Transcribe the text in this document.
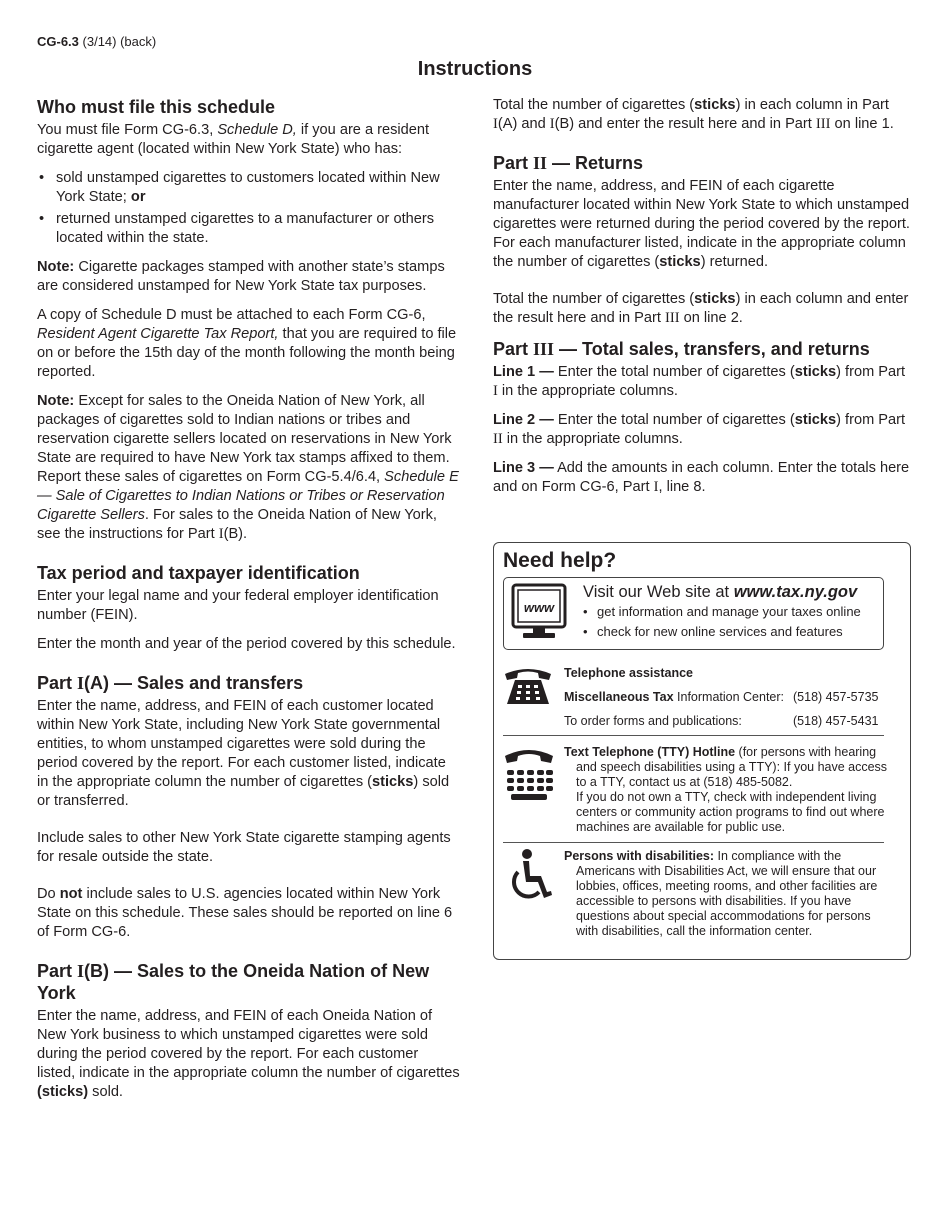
CG-6.3 (3/14) (back)
Instructions
Who must file this schedule

You must file Form CG-6.3, Schedule D, if you are a resident cigarette agent (located within New York State) who has:

• sold unstamped cigarettes to customers located within New York State; or
• returned unstamped cigarettes to a manufacturer or others located within the state.

Note: Cigarette packages stamped with another state’s stamps are considered unstamped for New York State tax purposes.

A copy of Schedule D must be attached to each Form CG-6, Resident Agent Cigarette Tax Report, that you are required to file on or before the 15th day of the month following the month being reported.

Note: Except for sales to the Oneida Nation of New York, all packages of cigarettes sold to Indian nations or tribes and reservation cigarette sellers located on reservations in New York State are required to have New York tax stamps affixed to them. Report these sales of cigarettes on Form CG-5.4/6.4, Schedule E — Sale of Cigarettes to Indian Nations or Tribes or Reservation Cigarette Sellers. For sales to the Oneida Nation of New York, see the instructions for Part I(B).

Tax period and taxpayer identification

Enter your legal name and your federal employer identification number (FEIN).

Enter the month and year of the period covered by this schedule.

Part I(A) — Sales and transfers

Enter the name, address, and FEIN of each customer located within New York State, including New York State governmental entities, to whom unstamped cigarettes were sold during the period covered by the report. For each customer listed, indicate in the appropriate column the number of cigarettes (sticks) sold or transferred.

Include sales to other New York State cigarette stamping agents for resale outside the state.

Do not include sales to U.S. agencies located within New York State on this schedule. These sales should be reported on line 6 of Form CG-6.

Part I(B) — Sales to the Oneida Nation of New York

Enter the name, address, and FEIN of each Oneida Nation of New York business to which unstamped cigarettes were sold during the period covered by the report. For each customer listed, indicate in the appropriate column the number of cigarettes (sticks) sold.

Total the number of cigarettes (sticks) in each column in Part I(A) and I(B) and enter the result here and in Part III on line 1.

Part II — Returns

Enter the name, address, and FEIN of each cigarette manufacturer located within New York State to which unstamped cigarettes were returned during the period covered by the report. For each manufacturer listed, indicate in the appropriate column the number of cigarettes (sticks) returned.

Total the number of cigarettes (sticks) in each column and enter the result here and in Part III on line 2.

Part III — Total sales, transfers, and returns

Line 1 — Enter the total number of cigarettes (sticks) from Part I in the appropriate columns.

Line 2 — Enter the total number of cigarettes (sticks) from Part II in the appropriate columns.

Line 3 — Add the amounts in each column. Enter the totals here and on Form CG-6, Part I, line 8.

Need help?
www
Visit our Web site at www.tax.ny.gov
• get information and manage your taxes online
• check for new online services and features
Telephone assistance
Miscellaneous Tax Information Center: (518) 457-5735
To order forms and publications:	(518) 457-5431
Text Telephone (TTY) Hotline (for persons with hearing
and speech disabilities using a TTY): If you have access to a TTY, contact us at (518) 485-5082.
If you do not own a TTY, check with independent living centers or community action programs to find out where machines are available for public use.
Persons with disabilities: In compliance with the
Americans with Disabilities Act, we will ensure that our lobbies, offices, meeting rooms, and other facilities are accessible to persons with disabilities. If you have questions about special accommodations for persons with disabilities, call the information center.
